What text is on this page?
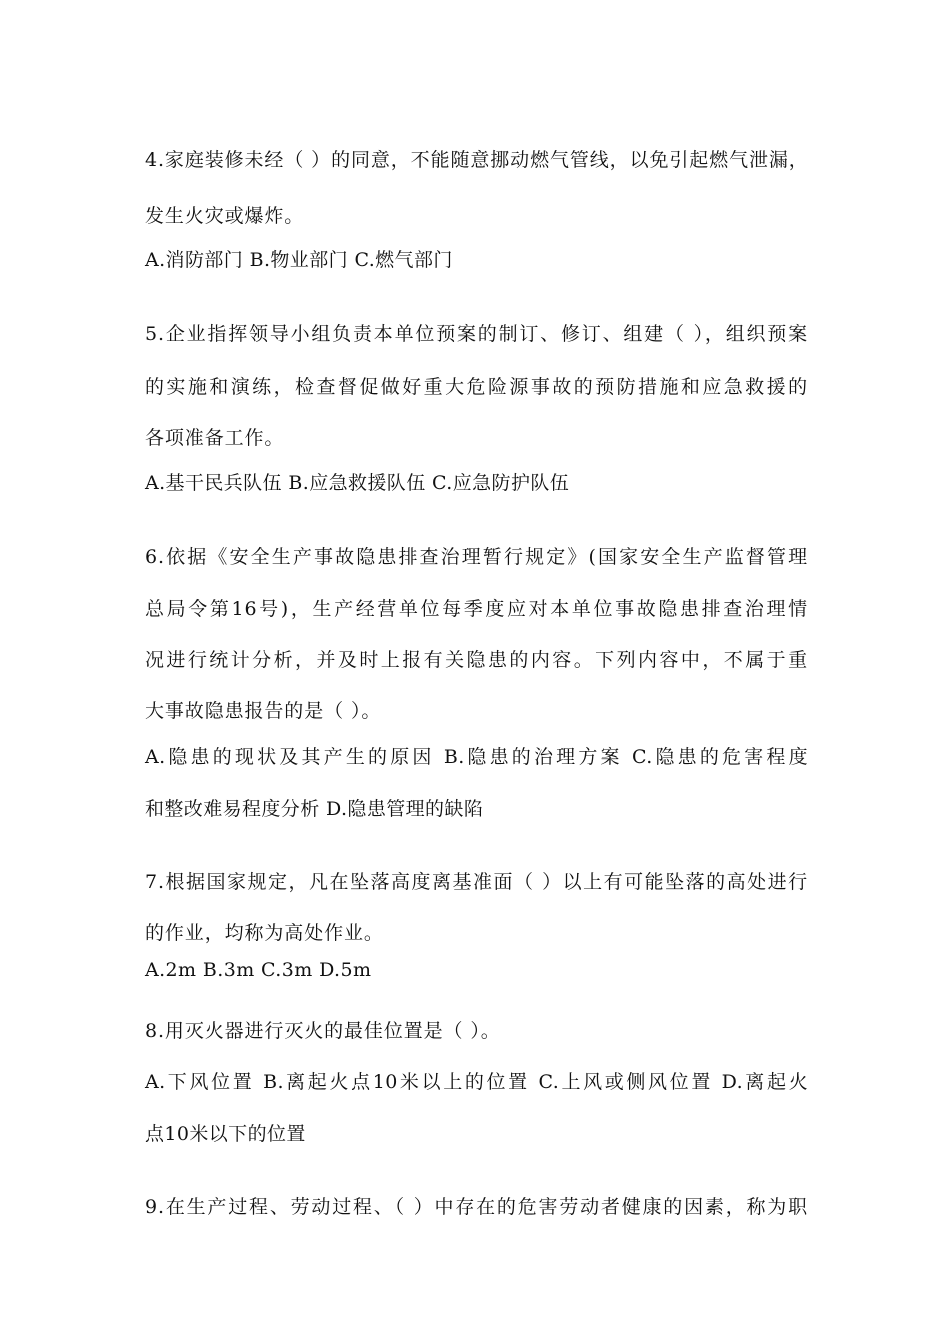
4.家庭装修未经（ ）的同意，不能随意挪动燃气管线，以免引起燃气泄漏，
发生火灾或爆炸。
A.消防部门 B.物业部门 C.燃气部门
5.企业指挥领导小组负责本单位预案的制订、修订、组建（ ），组织预案
的实施和演练，检查督促做好重大危险源事故的预防措施和应急救援的
各项准备工作。
A.基干民兵队伍 B.应急救援队伍 C.应急防护队伍
6.依据《安全生产事故隐患排查治理暂行规定》(国家安全生产监督管理
总局令第16号)，生产经营单位每季度应对本单位事故隐患排查治理情
况进行统计分析，并及时上报有关隐患的内容。下列内容中，不属于重
大事故隐患报告的是（ ）。
A.隐患的现状及其产生的原因 B.隐患的治理方案 C.隐患的危害程度
和整改难易程度分析 D.隐患管理的缺陷
7.根据国家规定，凡在坠落高度离基准面（ ）以上有可能坠落的高处进行
的作业，均称为高处作业。
A.2m B.3m C.3m D.5m
8.用灭火器进行灭火的最佳位置是（ ）。
A.下风位置 B.离起火点10米以上的位置 C.上风或侧风位置 D.离起火
点10米以下的位置
9.在生产过程、劳动过程、（ ）中存在的危害劳动者健康的因素，称为职
